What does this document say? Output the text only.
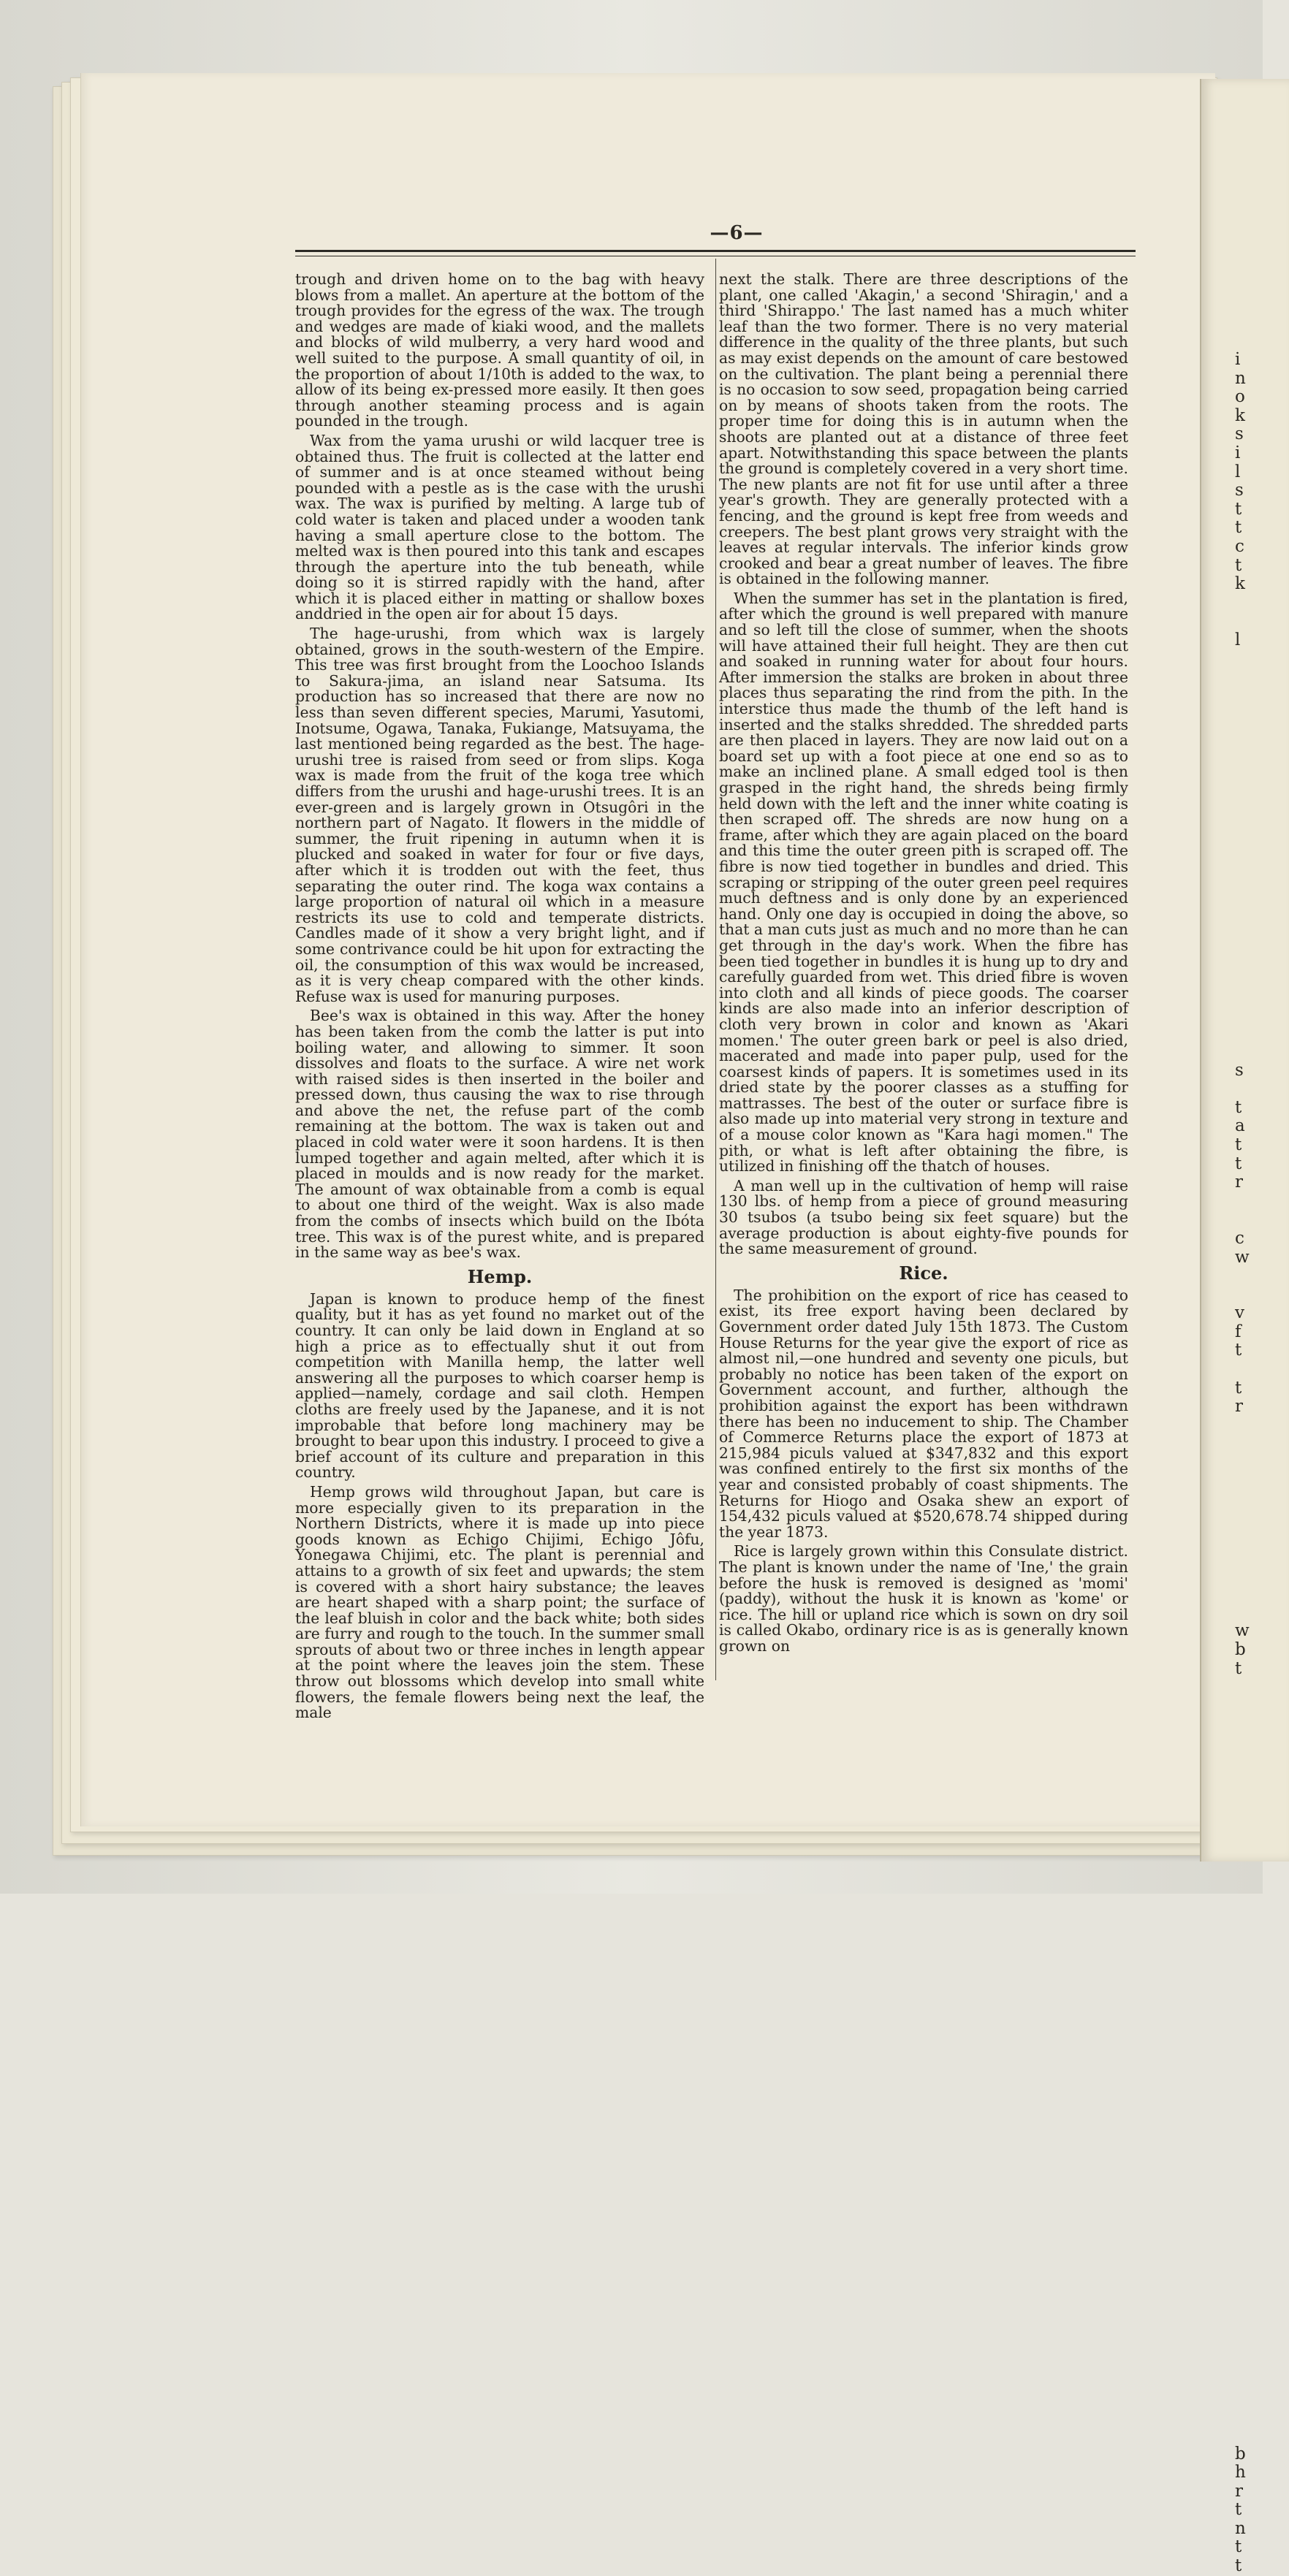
i
n
o
k
s
i
l
s
t
t
c
t
k

l

s

t
a
t
t
r

c
w

v
f
t

t
r

w
b
t

b
h
r
t
n
t
t
—6—

trough and driven home on to the bag with heavy blows from a mallet. An aperture at the bottom of the trough provides for the egress of the wax. The trough and wedges are made of kiaki wood, and the mallets and blocks of wild mulberry, a very hard wood and well suited to the purpose. A small quantity of oil, in the proportion of about 1/10th is added to the wax, to allow of its being ex-pressed more easily. It then goes through another steaming process and is again pounded in the trough.

Wax from the yama urushi or wild lacquer tree is obtained thus. The fruit is collected at the latter end of summer and is at once steamed without being pounded with a pestle as is the case with the urushi wax. The wax is purified by melting. A large tub of cold water is taken and placed under a wooden tank having a small aperture close to the bottom. The melted wax is then poured into this tank and escapes through the aperture into the tub beneath, while doing so it is stirred rapidly with the hand, after which it is placed either in matting or shallow boxes anddried in the open air for about 15 days.

The hage-urushi, from which wax is largely obtained, grows in the south-western of the Empire. This tree was first brought from the Loochoo Islands to Sakura-jima, an island near Satsuma. Its production has so increased that there are now no less than seven different species, Marumi, Yasutomi, Inotsume, Ogawa, Tanaka, Fukiange, Matsuyama, the last mentioned being regarded as the best. The hage-urushi tree is raised from seed or from slips. Koga wax is made from the fruit of the koga tree which differs from the urushi and hage-urushi trees. It is an ever-green and is largely grown in Otsugôri in the northern part of Nagato. It flowers in the middle of summer, the fruit ripening in autumn when it is plucked and soaked in water for four or five days, after which it is trodden out with the feet, thus separating the outer rind. The koga wax contains a large proportion of natural oil which in a measure restricts its use to cold and temperate districts. Candles made of it show a very bright light, and if some contrivance could be hit upon for extracting the oil, the consumption of this wax would be increased, as it is very cheap compared with the other kinds. Refuse wax is used for manuring purposes.

Bee's wax is obtained in this way. After the honey has been taken from the comb the latter is put into boiling water, and allowing to simmer. It soon dissolves and floats to the surface. A wire net work with raised sides is then inserted in the boiler and pressed down, thus causing the wax to rise through and above the net, the refuse part of the comb remaining at the bottom. The wax is taken out and placed in cold water were it soon hardens. It is then lumped together and again melted, after which it is placed in moulds and is now ready for the market. The amount of wax obtainable from a comb is equal to about one third of the weight. Wax is also made from the combs of insects which build on the Ibóta tree. This wax is of the purest white, and is prepared in the same way as bee's wax.

Hemp.

Japan is known to produce hemp of the finest quality, but it has as yet found no market out of the country. It can only be laid down in England at so high a price as to effectually shut it out from competition with Manilla hemp, the latter well answering all the purposes to which coarser hemp is applied—namely, cordage and sail cloth. Hempen cloths are freely used by the Japanese, and it is not improbable that before long machinery may be brought to bear upon this industry. I proceed to give a brief account of its culture and preparation in this country.

Hemp grows wild throughout Japan, but care is more especially given to its preparation in the Northern Districts, where it is made up into piece goods known as Echigo Chijimi, Echigo Jôfu, Yonegawa Chijimi, etc. The plant is perennial and attains to a growth of six feet and upwards; the stem is covered with a short hairy substance; the leaves are heart shaped with a sharp point; the surface of the leaf bluish in color and the back white; both sides are furry and rough to the touch. In the summer small sprouts of about two or three inches in length appear at the point where the leaves join the stem. These throw out blossoms which develop into small white flowers, the female flowers being next the leaf, the male

next the stalk. There are three descriptions of the plant, one called 'Akagin,' a second 'Shiragin,' and a third 'Shirappo.' The last named has a much whiter leaf than the two former. There is no very material difference in the quality of the three plants, but such as may exist depends on the amount of care bestowed on the cultivation. The plant being a perennial there is no occasion to sow seed, propagation being carried on by means of shoots taken from the roots. The proper time for doing this is in autumn when the shoots are planted out at a distance of three feet apart. Notwithstanding this space between the plants the ground is completely covered in a very short time. The new plants are not fit for use until after a three year's growth. They are generally protected with a fencing, and the ground is kept free from weeds and creepers. The best plant grows very straight with the leaves at regular intervals. The inferior kinds grow crooked and bear a great number of leaves. The fibre is obtained in the following manner.

When the summer has set in the plantation is fired, after which the ground is well prepared with manure and so left till the close of summer, when the shoots will have attained their full height. They are then cut and soaked in running water for about four hours. After immersion the stalks are broken in about three places thus separating the rind from the pith. In the interstice thus made the thumb of the left hand is inserted and the stalks shredded. The shredded parts are then placed in layers. They are now laid out on a board set up with a foot piece at one end so as to make an inclined plane. A small edged tool is then grasped in the right hand, the shreds being firmly held down with the left and the inner white coating is then scraped off. The shreds are now hung on a frame, after which they are again placed on the board and this time the outer green pith is scraped off. The fibre is now tied together in bundles and dried. This scraping or stripping of the outer green peel requires much deftness and is only done by an experienced hand. Only one day is occupied in doing the above, so that a man cuts just as much and no more than he can get through in the day's work. When the fibre has been tied together in bundles it is hung up to dry and carefully guarded from wet. This dried fibre is woven into cloth and all kinds of piece goods. The coarser kinds are also made into an inferior description of cloth very brown in color and known as 'Akari momen.' The outer green bark or peel is also dried, macerated and made into paper pulp, used for the coarsest kinds of papers. It is sometimes used in its dried state by the poorer classes as a stuffing for mattrasses. The best of the outer or surface fibre is also made up into material very strong in texture and of a mouse color known as "Kara hagi momen." The pith, or what is left after obtaining the fibre, is utilized in finishing off the thatch of houses.

A man well up in the cultivation of hemp will raise 130 lbs. of hemp from a piece of ground measuring 30 tsubos (a tsubo being six feet square) but the average production is about eighty-five pounds for the same measurement of ground.

Rice.

The prohibition on the export of rice has ceased to exist, its free export having been declared by Government order dated July 15th 1873. The Custom House Returns for the year give the export of rice as almost nil,—one hundred and seventy one piculs, but probably no notice has been taken of the export on Government account, and further, although the prohibition against the export has been withdrawn there has been no inducement to ship. The Chamber of Commerce Returns place the export of 1873 at 215,984 piculs valued at $347,832 and this export was confined entirely to the first six months of the year and consisted probably of coast shipments. The Returns for Hiogo and Osaka shew an export of 154,432 piculs valued at $520,678.74 shipped during the year 1873.

Rice is largely grown within this Consulate district. The plant is known under the name of 'Ine,' the grain before the husk is removed is designed as 'momi' (paddy), without the husk it is known as 'kome' or rice. The hill or upland rice which is sown on dry soil is called Okabo, ordinary rice is as is generally known grown on
